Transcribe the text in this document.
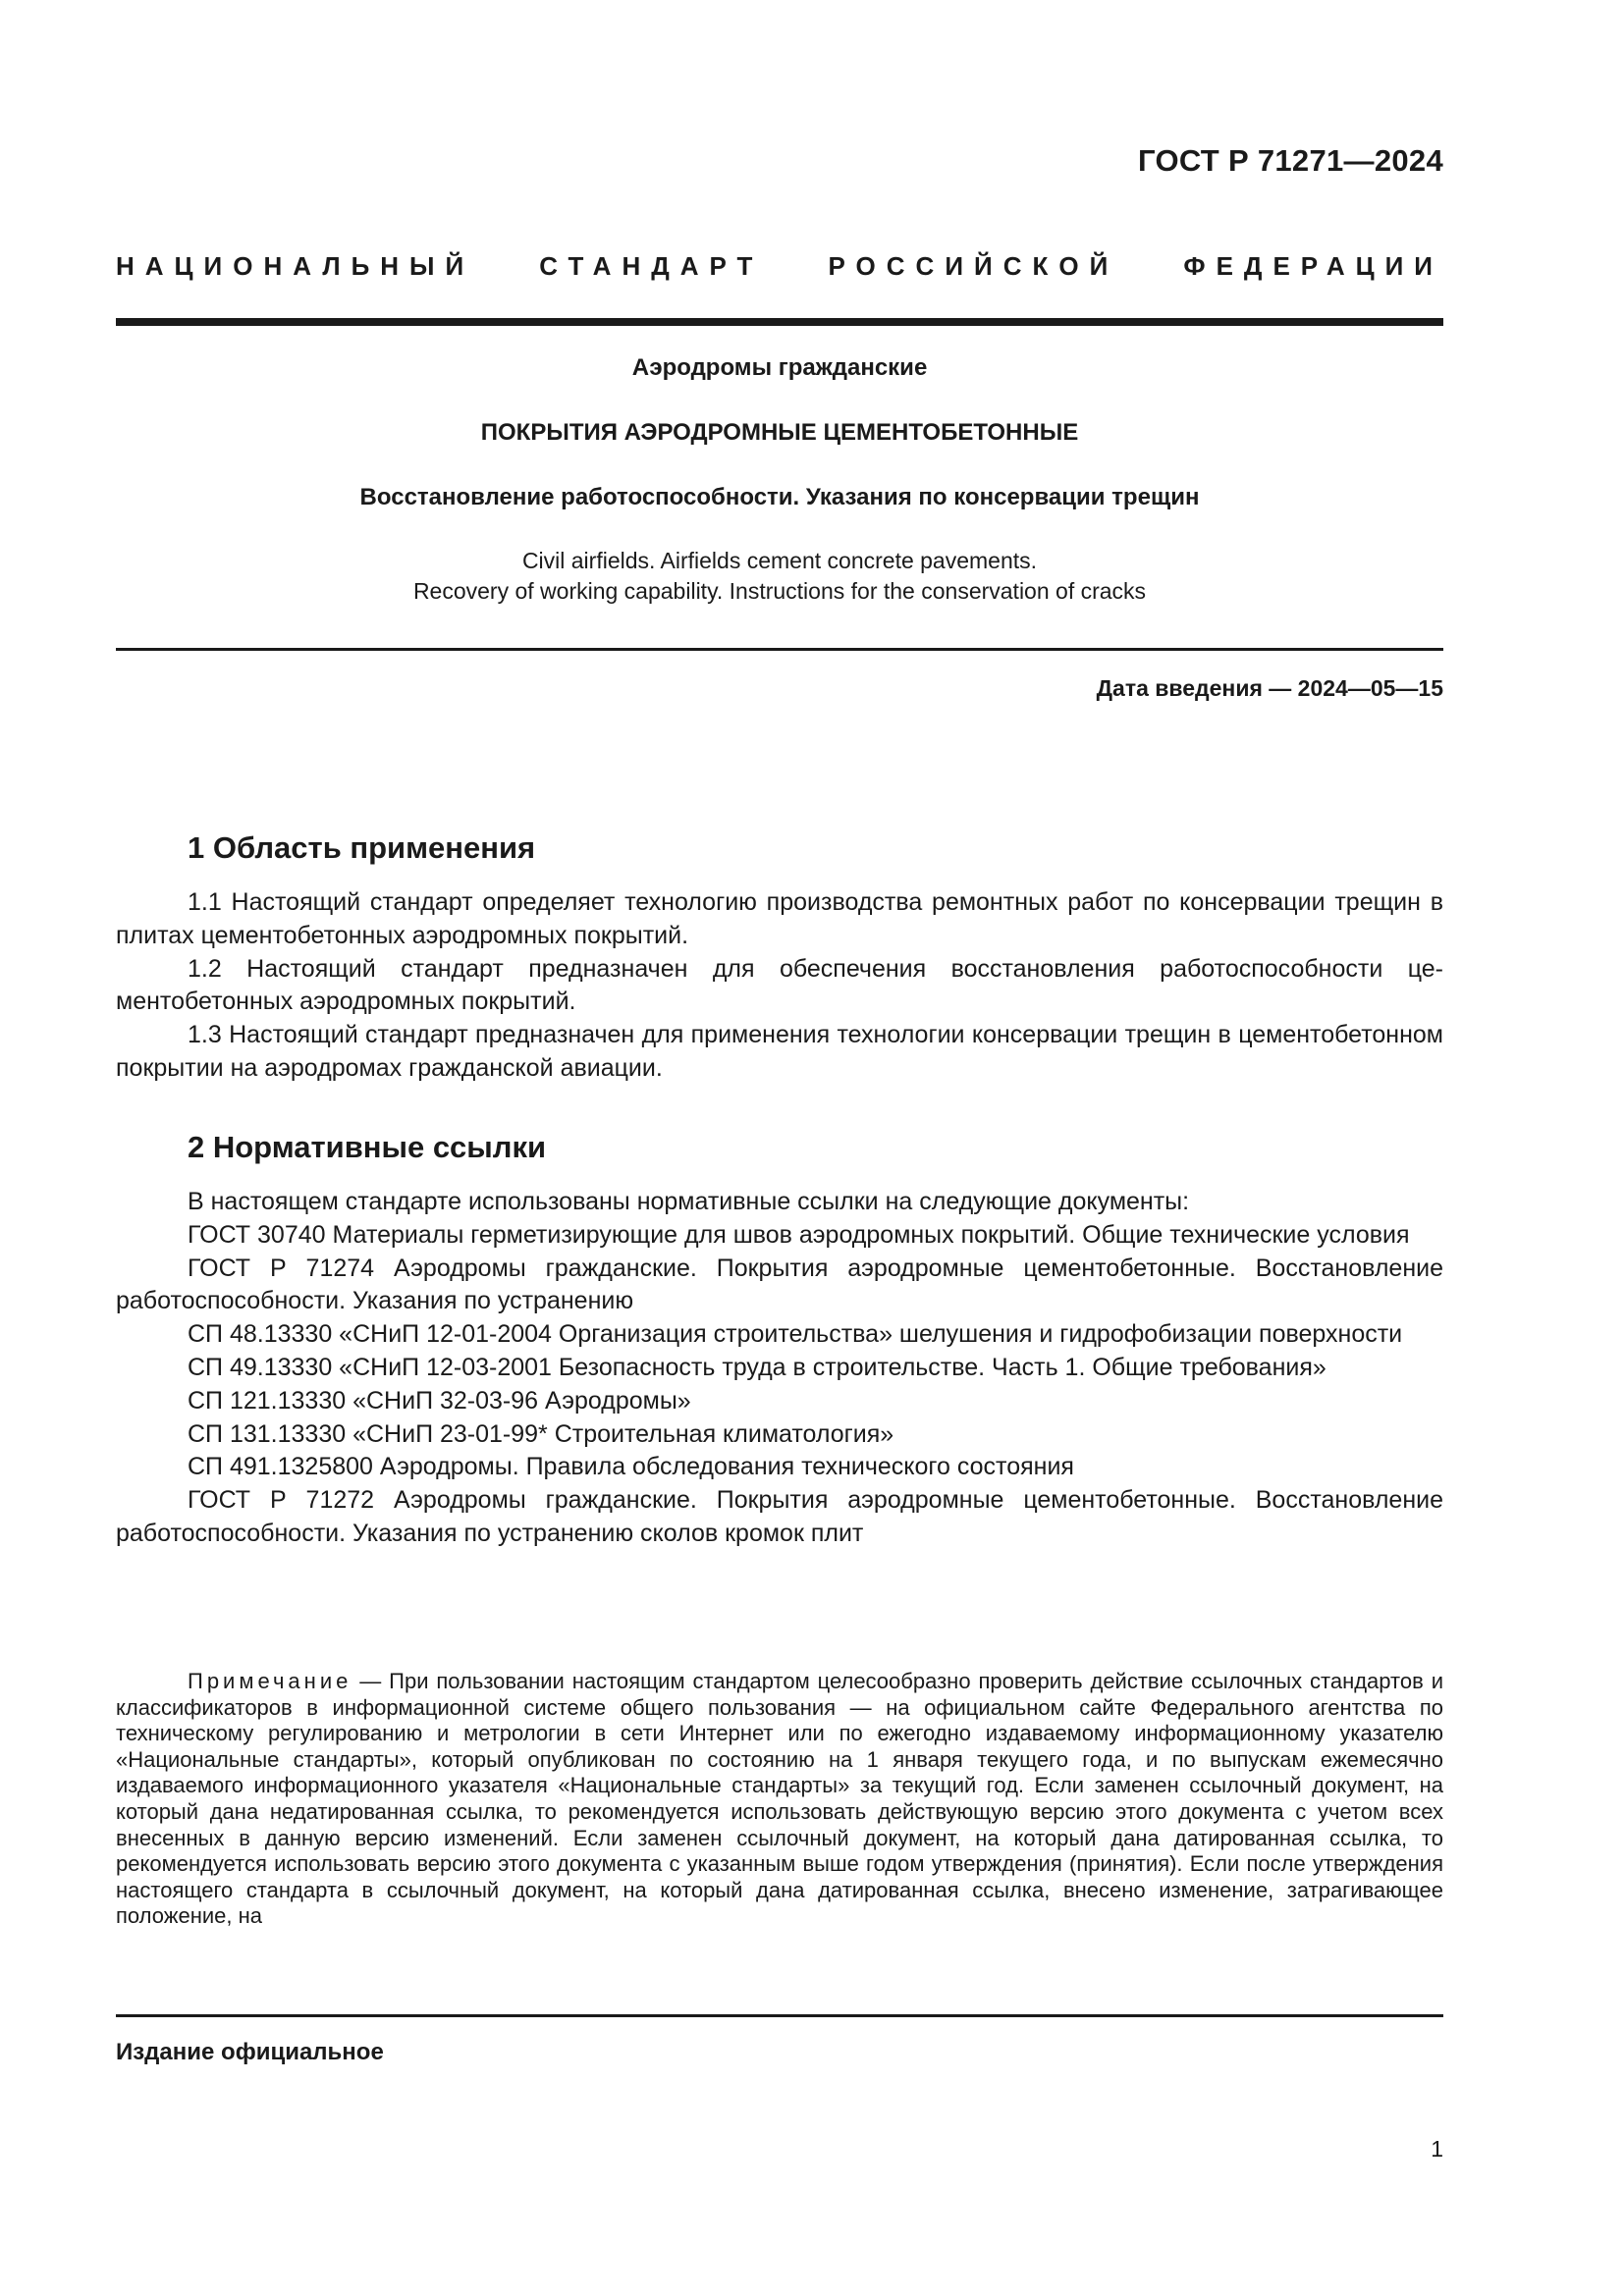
ГОСТ Р 71271—2024
НАЦИОНАЛЬНЫЙ СТАНДАРТ РОССИЙСКОЙ ФЕДЕРАЦИИ
Аэродромы гражданские
ПОКРЫТИЯ АЭРОДРОМНЫЕ ЦЕМЕНТОБЕТОННЫЕ
Восстановление работоспособности. Указания по консервации трещин
Civil airfields. Airfields cement concrete pavements.
Recovery of working capability. Instructions for the conservation of cracks
Дата введения — 2024—05—15
1 Область применения

1.1 Настоящий стандарт определяет технологию производства ремонтных работ по консервации трещин в плитах цементобетонных аэродромных покрытий.

1.2 Настоящий стандарт предназначен для обеспечения восстановления работоспособности цементобетонных аэродромных покрытий.

1.3 Настоящий стандарт предназначен для применения технологии консервации трещин в цементобетонном покрытии на аэродромах гражданской авиации.

2 Нормативные ссылки

В настоящем стандарте использованы нормативные ссылки на следующие документы:

ГОСТ 30740 Материалы герметизирующие для швов аэродромных покрытий. Общие технические условия

ГОСТ Р 71274 Аэродромы гражданские. Покрытия аэродромные цементобетонные. Восстановление работоспособности. Указания по устранению

СП 48.13330 «СНиП 12-01-2004 Организация строительства» шелушения и гидрофобизации поверхности

СП 49.13330 «СНиП 12-03-2001 Безопасность труда в строительстве. Часть 1. Общие требования»

СП 121.13330 «СНиП 32-03-96 Аэродромы»

СП 131.13330 «СНиП 23-01-99* Строительная климатология»

СП 491.1325800 Аэродромы. Правила обследования технического состояния

ГОСТ Р 71272 Аэродромы гражданские. Покрытия аэродромные цементобетонные. Восстановление работоспособности. Указания по устранению сколов кромок плит

Примечание — При пользовании настоящим стандартом целесообразно проверить действие ссылочных стандартов и классификаторов в информационной системе общего пользования — на официальном сайте Федерального агентства по техническому регулированию и метрологии в сети Интернет или по ежегодно издаваемому информационному указателю «Национальные стандарты», который опубликован по состоянию на 1 января текущего года, и по выпускам ежемесячно издаваемого информационного указателя «Национальные стандарты» за текущий год. Если заменен ссылочный документ, на который дана недатированная ссылка, то рекомендуется использовать действующую версию этого документа с учетом всех внесенных в данную версию изменений. Если заменен ссылочный документ, на который дана датированная ссылка, то рекомендуется использовать версию этого документа с указанным выше годом утверждения (принятия). Если после утверждения настоящего стандарта в ссылочный документ, на который дана датированная ссылка, внесено изменение, затрагивающее положение, на

Издание официальное
1
